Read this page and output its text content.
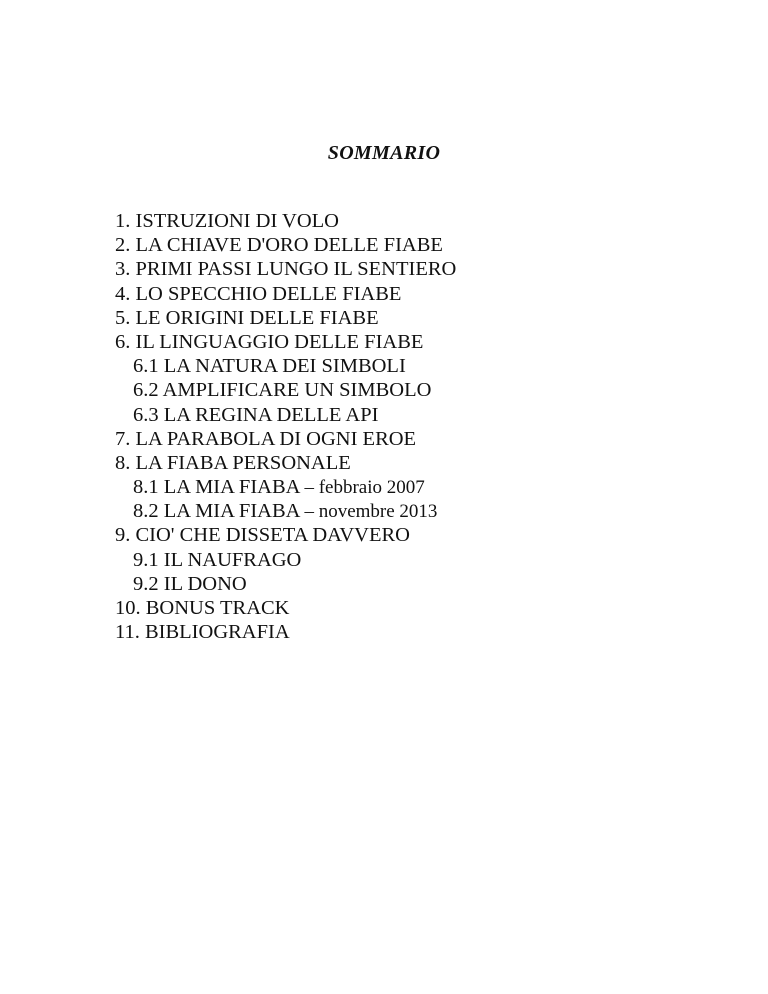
SOMMARIO
1. ISTRUZIONI DI VOLO
2. LA CHIAVE D'ORO DELLE FIABE
3. PRIMI PASSI LUNGO IL SENTIERO
4. LO SPECCHIO DELLE FIABE
5. LE ORIGINI DELLE FIABE
6. IL LINGUAGGIO DELLE FIABE
6.1 LA NATURA DEI SIMBOLI
6.2 AMPLIFICARE UN SIMBOLO
6.3 LA REGINA DELLE API
7. LA PARABOLA DI OGNI EROE
8. LA FIABA PERSONALE
8.1 LA MIA FIABA – febbraio 2007
8.2 LA MIA FIABA – novembre 2013
9. CIO' CHE DISSETA DAVVERO
9.1 IL NAUFRAGO
9.2 IL DONO
10. BONUS TRACK
11. BIBLIOGRAFIA
